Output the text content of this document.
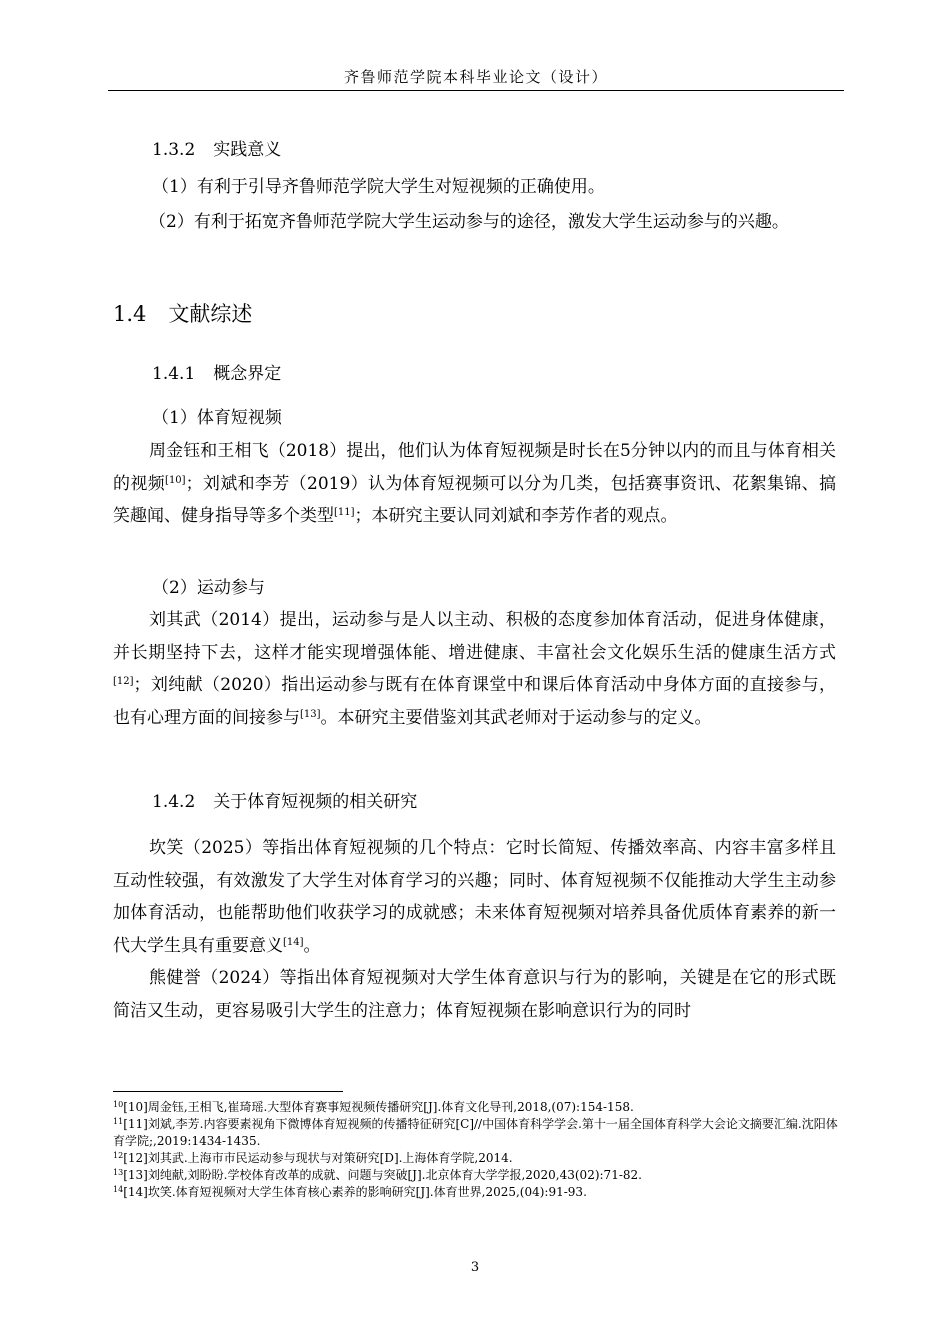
齐鲁师范学院本科毕业论文（设计）
1.3.2 实践意义
（1）有利于引导齐鲁师范学院大学生对短视频的正确使用。

（2）有利于拓宽齐鲁师范学院大学生运动参与的途径，激发大学生运动参与的兴趣。

1.4 文献综述
1.4.1 概念界定
（1）体育短视频

周金钰和王相飞（2018）提出，他们认为体育短视频是时长在5分钟以内的而且与体育相关的视频[10]；刘斌和李芳（2019）认为体育短视频可以分为几类，包括赛事资讯、花絮集锦、搞笑趣闻、健身指导等多个类型[11]；本研究主要认同刘斌和李芳作者的观点。

（2）运动参与

刘其武（2014）提出，运动参与是人以主动、积极的态度参加体育活动，促进身体健康，并长期坚持下去，这样才能实现增强体能、增进健康、丰富社会文化娱乐生活的健康生活方式[12]；刘纯献（2020）指出运动参与既有在体育课堂中和课后体育活动中身体方面的直接参与，也有心理方面的间接参与[13]。本研究主要借鉴刘其武老师对于运动参与的定义。

1.4.2 关于体育短视频的相关研究

坎笑（2025）等指出体育短视频的几个特点：它时长简短、传播效率高、内容丰富多样且互动性较强，有效激发了大学生对体育学习的兴趣；同时、体育短视频不仅能推动大学生主动参加体育活动，也能帮助他们收获学习的成就感；未来体育短视频对培养具备优质体育素养的新一代大学生具有重要意义[14]。

熊健誉（2024）等指出体育短视频对大学生体育意识与行为的影响，关键是在它的形式既简洁又生动，更容易吸引大学生的注意力；体育短视频在影响意识行为的同时

$^{10}$[10]周金钰,王相飞,崔琦瑶.大型体育赛事短视频传播研究[J].体育文化导刊,2018,(07):154-158.
$^{11}$[11]刘斌,李芳.内容要素视角下微博体育短视频的传播特征研究[C]//中国体育科学学会.第十一届全国体育科学大会论文摘要汇编.沈阳体育学院;,2019:1434-1435.
$^{12}$[12]刘其武.上海市市民运动参与现状与对策研究[D].上海体育学院,2014.
$^{13}$[13]刘纯献,刘盼盼.学校体育改革的成就、问题与突破[J].北京体育大学学报,2020,43(02):71-82.
$^{14}$[14]坎笑.体育短视频对大学生体育核心素养的影响研究[J].体育世界,2025,(04):91-93.
3
